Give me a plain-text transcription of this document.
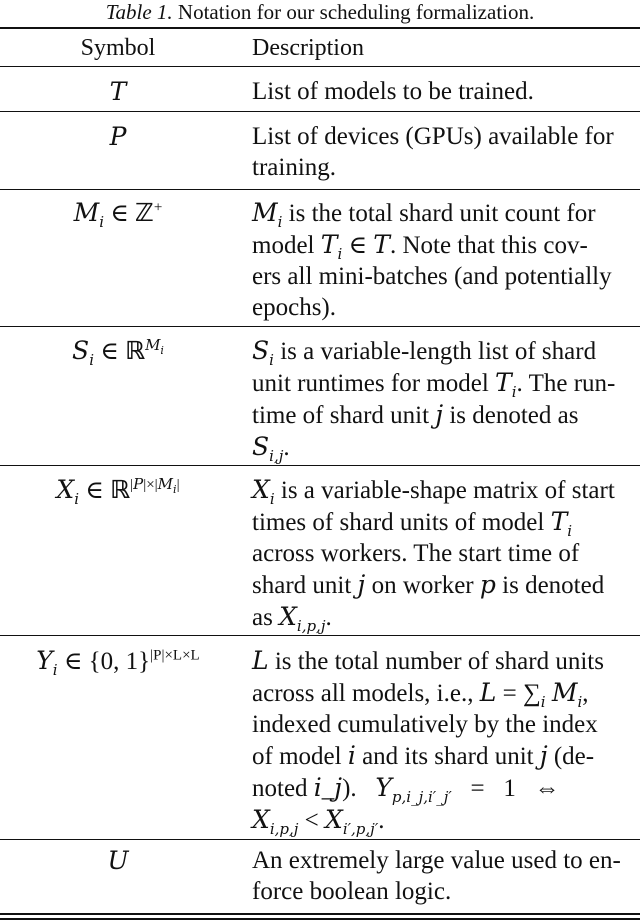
Table 1. Notation for our scheduling formalization.
Symbol	Description
T	List of models to be trained.
P	List of devices (GPUs) available for
training.
$M_i$ ∈ ℤ+	$M_i$ is the total shard unit count for
model $T_i$ ∈ T. Note that this cov-
ers all mini-batches (and potentially
epochs).
$S_i$ ∈ ℝ$^{M_i}$	$S_i$ is a variable-length list of shard
unit runtimes for model $T_i$. The run-
time of shard unit j is denoted as
$S_{i,j}$.
$X_i$ ∈ ℝ$^{|P|\times|M_i|}$	$X_i$ is a variable-shape matrix of start
times of shard units of model $T_i$
across workers. The start time of
shard unit j on worker p is denoted
as $X_{i,p,j}$.
$Y_i$ ∈ {0, 1}$^{|P|\times L\times L}$	L is the total number of shard units
across all models, i.e., $L = \sum_i$ $M_i$,
indexed cumulatively by the index
of model i and its shard unit j (de-
noted i_j).   $Y_{p,i\_j,i'\_j'} = 1$   ⇔
$X_{i,p,j} < X_{i',p,j'}$.
U	An extremely large value used to en-
force boolean logic.
